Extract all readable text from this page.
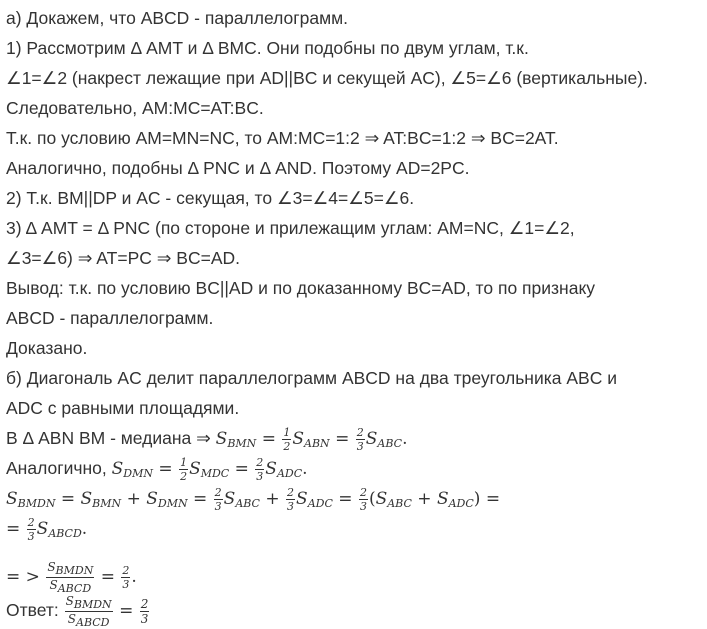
а) Докажем, что ABCD - параллелограмм.
1) Рассмотрим Δ AMT и Δ BMC. Они подобны по двум углам, т.к.
∠1=∠2 (накрест лежащие при AD||BC и секущей AC), ∠5=∠6 (вертикальные).
Следовательно, AM:MC=AT:BC.
Т.к. по условию AM=MN=NC, то AM:MC=1:2 ⇒ AT:BC=1:2 ⇒ BC=2AT.
Аналогично, подобны Δ PNC и Δ AND. Поэтому AD=2PC.
2) Т.к. BM||DP и AC - секущая, то ∠3=∠4=∠5=∠6.
3) Δ AMT = Δ PNC (по стороне и прилежащим углам: AM=NC, ∠1=∠2,
∠3=∠6) ⇒ AT=PC ⇒ BC=AD.
Вывод: т.к. по условию BC||AD и по доказанному BC=AD, то по признаку
ABCD - параллелограмм.
Доказано.
б) Диагональ AC делит параллелограмм ABCD на два треугольника ABC и
ADC с равными площадями.
В Δ ABN BM - медиана ⇒ $S_{BMN} = \frac{1}{2} S_{ABN} = \frac{2}{3} S_{ABC}$.
Аналогично, $S_{DMN} = \frac{1}{2} S_{MDC} = \frac{2}{3} S_{ADC}$.
$S_{BMDN} = S_{BMN} + S_{DMN} = \frac{2}{3} S_{ABC} + \frac{2}{3} S_{ADC} = \frac{2}{3} (S_{ABC} + S_{ADC})$ =
= $\frac{2}{3} S_{ABCD}$.
= > $\frac{\text{SBMDN}}{\text{SABCD}} = \frac{2}{3}$ .
Ответ: $\frac{\text{SBMDN}}{\text{SABCD}} = \frac{2}{3}$
